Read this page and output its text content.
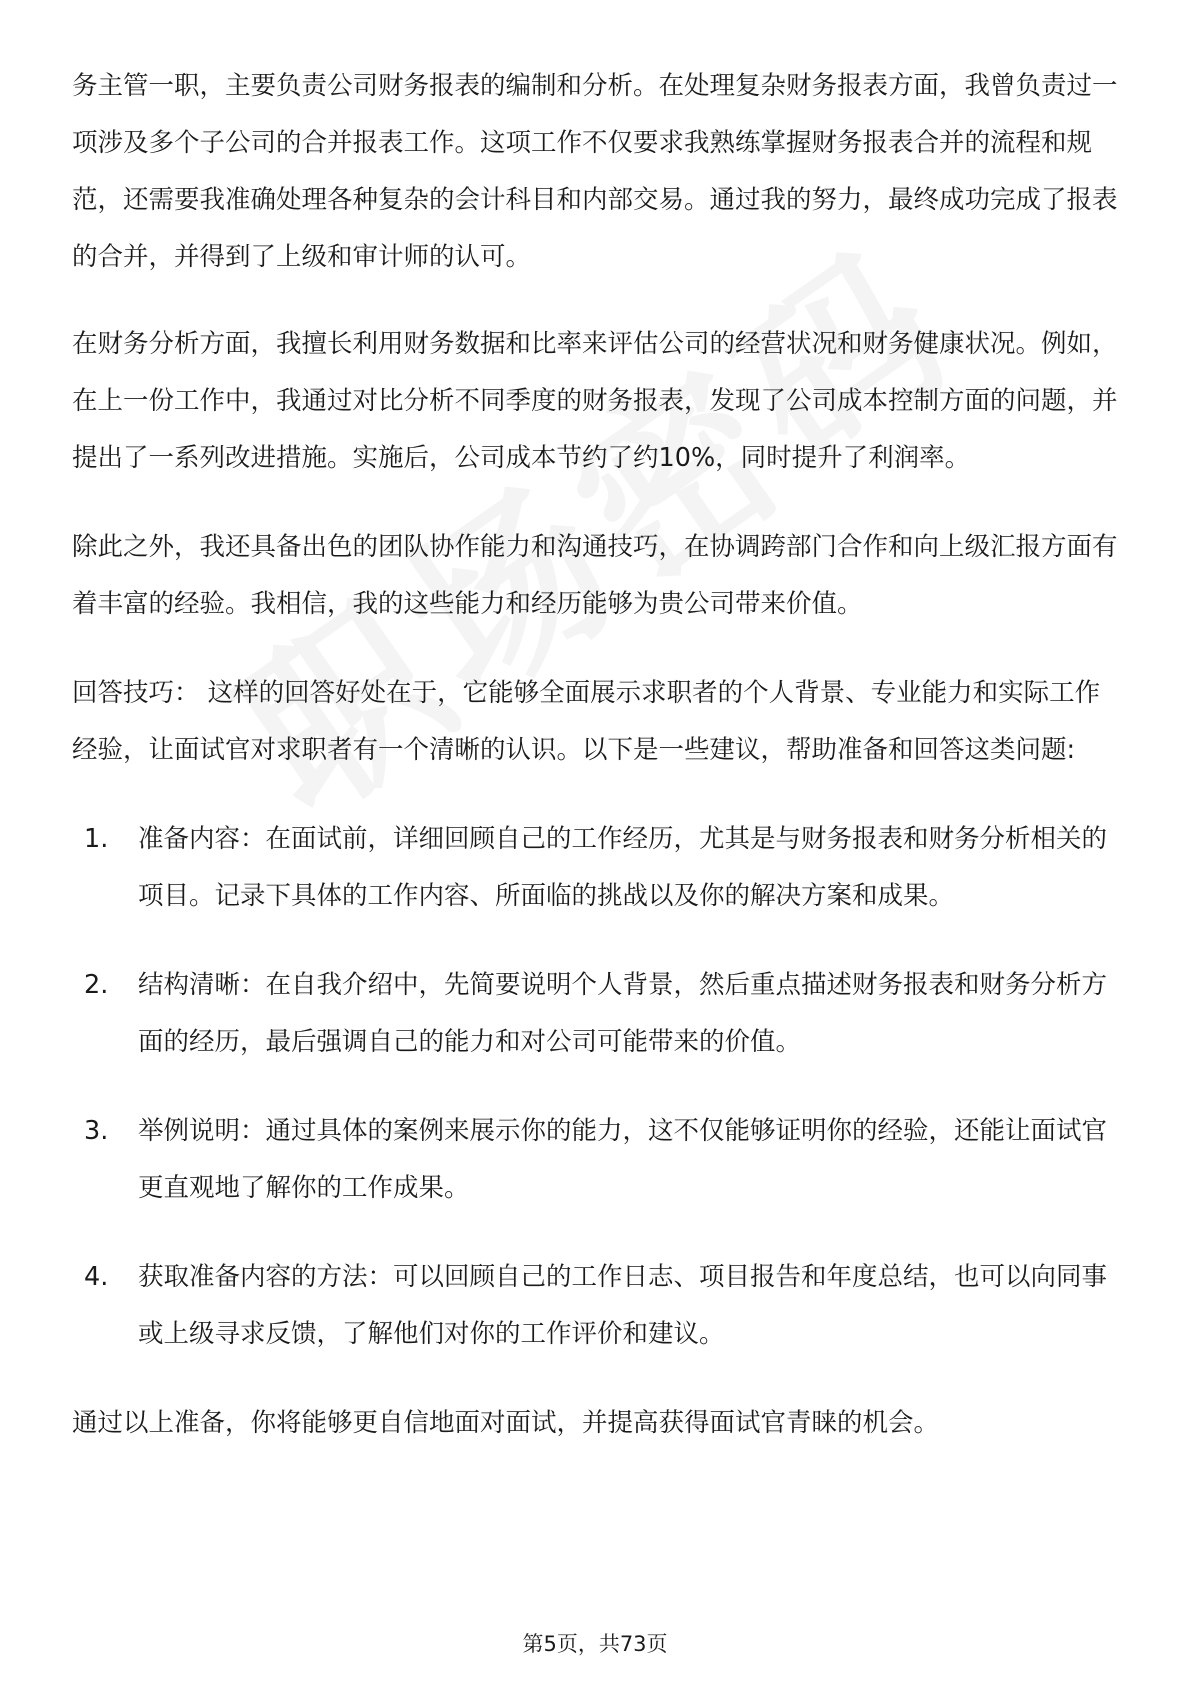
务主管一职，主要负责公司财务报表的编制和分析。在处理复杂财务报表方面，我曾负责过一项涉及多个子公司的合并报表工作。这项工作不仅要求我熟练掌握财务报表合并的流程和规范，还需要我准确处理各种复杂的会计科目和内部交易。通过我的努力，最终成功完成了报表的合并，并得到了上级和审计师的认可。

在财务分析方面，我擅长利用财务数据和比率来评估公司的经营状况和财务健康状况。例如，在上一份工作中，我通过对比分析不同季度的财务报表，发现了公司成本控制方面的问题，并提出了一系列改进措施。实施后，公司成本节约了约10%，同时提升了利润率。

除此之外，我还具备出色的团队协作能力和沟通技巧，在协调跨部门合作和向上级汇报方面有着丰富的经验。我相信，我的这些能力和经历能够为贵公司带来价值。

回答技巧： 这样的回答好处在于，它能够全面展示求职者的个人背景、专业能力和实际工作经验，让面试官对求职者有一个清晰的认识。以下是一些建议，帮助准备和回答这类问题:

1. 准备内容：在面试前，详细回顾自己的工作经历，尤其是与财务报表和财务分析相关的项目。记录下具体的工作内容、所面临的挑战以及你的解决方案和成果。
2. 结构清晰：在自我介绍中，先简要说明个人背景，然后重点描述财务报表和财务分析方面的经历，最后强调自己的能力和对公司可能带来的价值。
3. 举例说明：通过具体的案例来展示你的能力，这不仅能够证明你的经验，还能让面试官更直观地了解你的工作成果。
4. 获取准备内容的方法：可以回顾自己的工作日志、项目报告和年度总结，也可以向同事或上级寻求反馈，了解他们对你的工作评价和建议。

通过以上准备，你将能够更自信地面对面试，并提高获得面试官青睐的机会。

第5页，共73页
